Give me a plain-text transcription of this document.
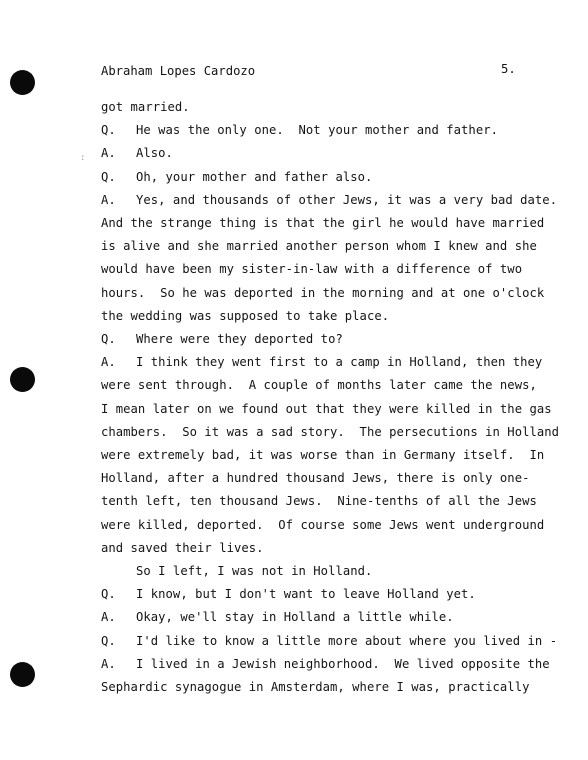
Abraham Lopes Cardozo	5.
:
got married.
Q. He was the only one.  Not your mother and father.
A. Also.
Q. Oh, your mother and father also.
A. Yes, and thousands of other Jews, it was a very bad date.
And the strange thing is that the girl he would have married
is alive and she married another person whom I knew and she
would have been my sister-in-law with a difference of two
hours.  So he was deported in the morning and at one o'clock
the wedding was supposed to take place.
Q. Where were they deported to?
A. I think they went first to a camp in Holland, then they
were sent through.  A couple of months later came the news,
I mean later on we found out that they were killed in the gas
chambers.  So it was a sad story.  The persecutions in Holland
were extremely bad, it was worse than in Germany itself.  In
Holland, after a hundred thousand Jews, there is only one-
tenth left, ten thousand Jews.  Nine-tenths of all the Jews
were killed, deported.  Of course some Jews went underground
and saved their lives.
So I left, I was not in Holland.
Q. I know, but I don't want to leave Holland yet.
A. Okay, we'll stay in Holland a little while.
Q. I'd like to know a little more about where you lived in -
A. I lived in a Jewish neighborhood.  We lived opposite the
Sephardic synagogue in Amsterdam, where I was, practically
